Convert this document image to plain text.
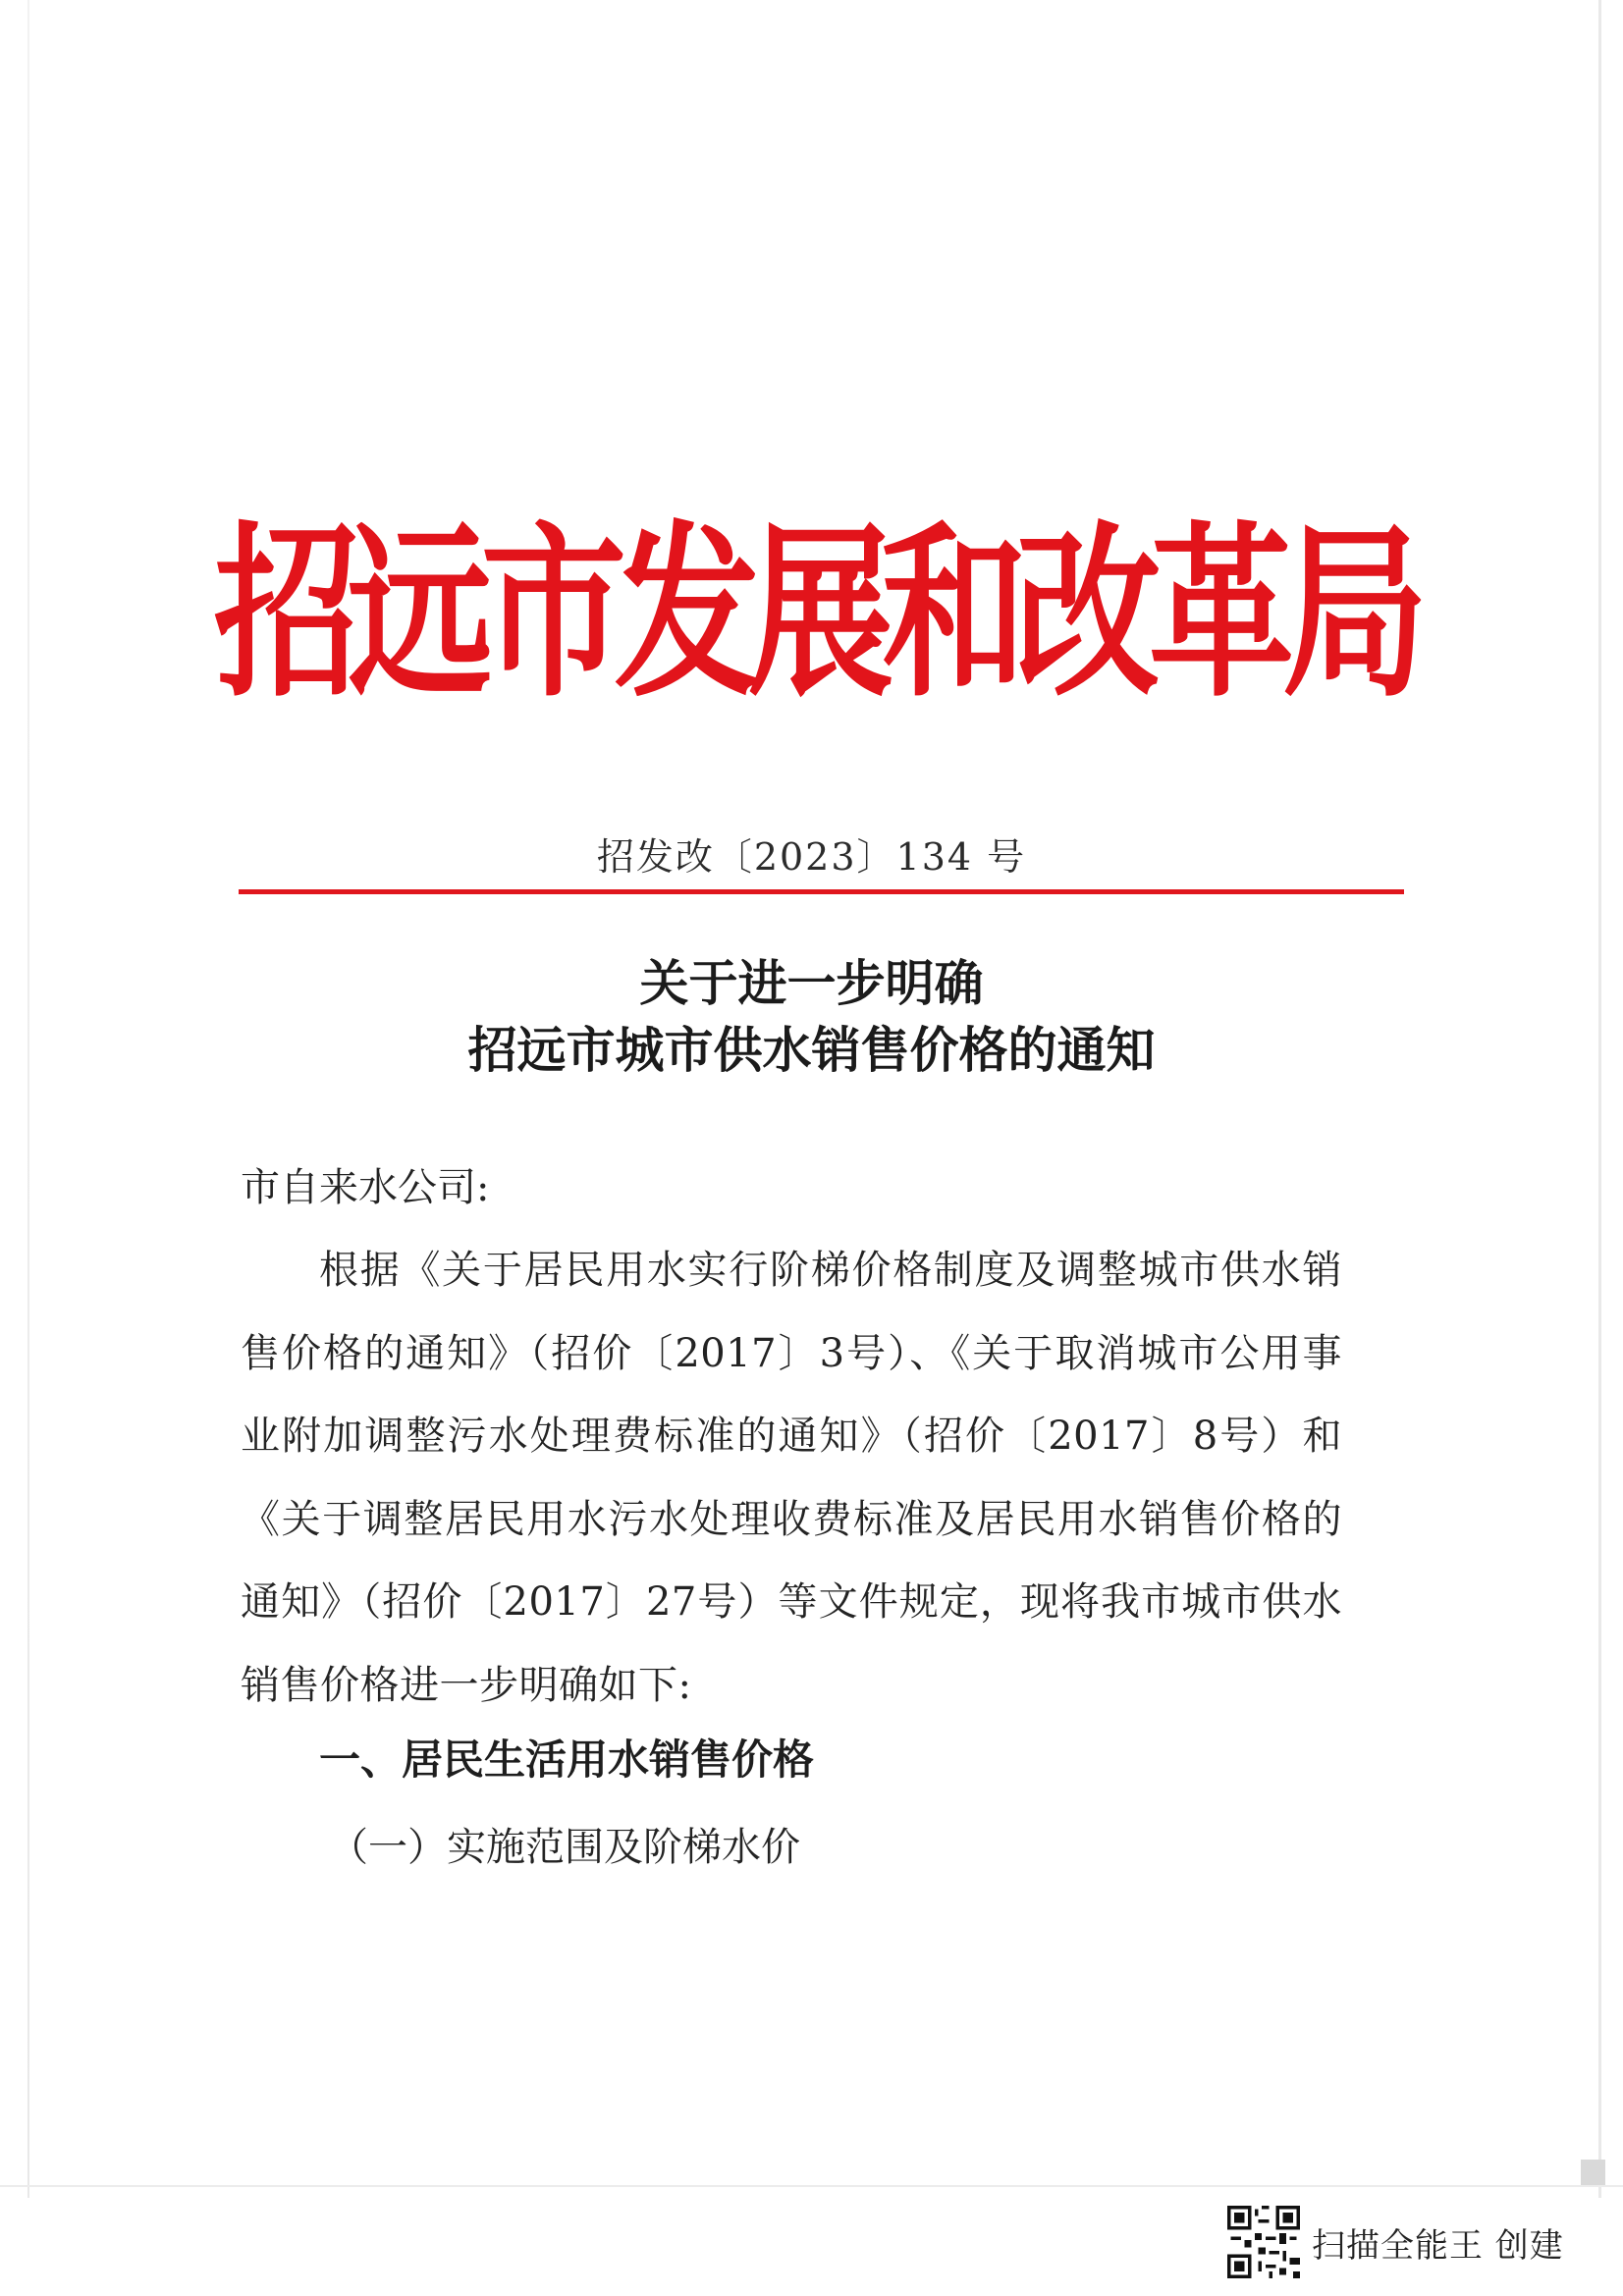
招远市发展和改革局
招发改〔2023〕134 号
关于进一步明确
招远市城市供水销售价格的通知
市自来水公司:
根据《关于居民用水实行阶梯价格制度及调整城市供水销售价格的通知》（招价〔2017〕3号）、《关于取消城市公用事业附加调整污水处理费标准的通知》（招价〔2017〕8号）和《关于调整居民用水污水处理收费标准及居民用水销售价格的通知》（招价〔2017〕27号）等文件规定，现将我市城市供水销售价格进一步明确如下:
一、居民生活用水销售价格
（一）实施范围及阶梯水价
扫描全能王 创建
